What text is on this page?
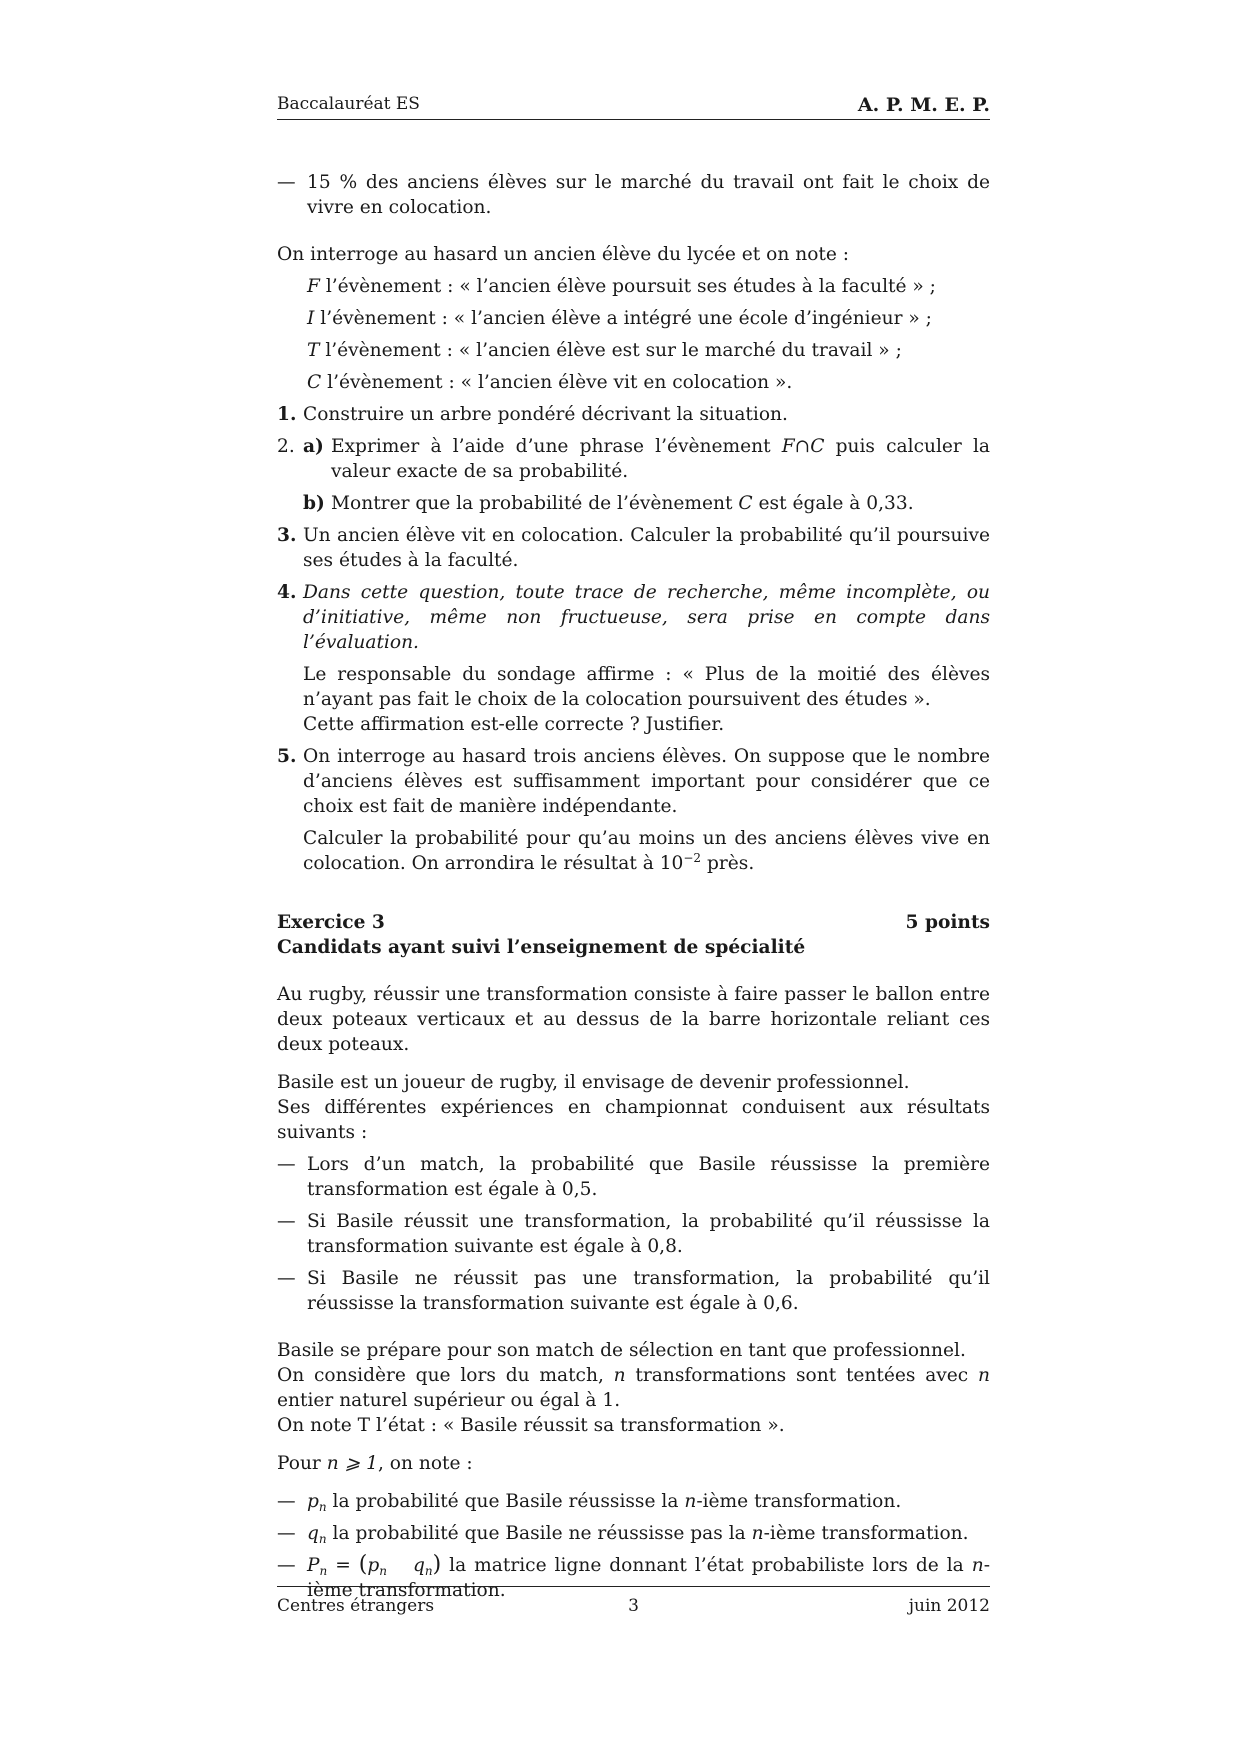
Baccalauréat ES	A. P. M. E. P.

— 15 % des anciens élèves sur le marché du travail ont fait le choix de vivre en colocation.

On interroge au hasard un ancien élève du lycée et on note :

F l’évènement : « l’ancien élève poursuit ses études à la faculté » ;

I l’évènement : « l’ancien élève a intégré une école d’ingénieur » ;

T l’évènement : « l’ancien élève est sur le marché du travail » ;

C l’évènement : « l’ancien élève vit en colocation ».

1. Construire un arbre pondéré décrivant la situation.

2. a) Exprimer à l’aide d’une phrase l’évènement F∩C puis calculer la valeur exacte de sa probabilité.

b) Montrer que la probabilité de l’évènement C est égale à 0,33.

3. Un ancien élève vit en colocation. Calculer la probabilité qu’il poursuive ses études à la faculté.

4. Dans cette question, toute trace de recherche, même incomplète, ou d’initiative, même non fructueuse, sera prise en compte dans l’évaluation.

Le responsable du sondage affirme : « Plus de la moitié des élèves n’ayant pas fait le choix de la colocation poursuivent des études ».

Cette affirmation est-elle correcte ? Justifier.

5. On interroge au hasard trois anciens élèves. On suppose que le nombre d’anciens élèves est suffisamment important pour considérer que ce choix est fait de manière indépendante.

Calculer la probabilité pour qu’au moins un des anciens élèves vive en colocation. On arrondira le résultat à $10^{-2}$ près.

Exercice 3	5 points

Candidats ayant suivi l’enseignement de spécialité

Au rugby, réussir une transformation consiste à faire passer le ballon entre deux poteaux verticaux et au dessus de la barre horizontale reliant ces deux poteaux.

Basile est un joueur de rugby, il envisage de devenir professionnel.

Ses différentes expériences en championnat conduisent aux résultats suivants :

— Lors d’un match, la probabilité que Basile réussisse la première transformation est égale à 0,5.

— Si Basile réussit une transformation, la probabilité qu’il réussisse la transformation suivante est égale à 0,8.

— Si Basile ne réussit pas une transformation, la probabilité qu’il réussisse la transformation suivante est égale à 0,6.

Basile se prépare pour son match de sélection en tant que professionnel.

On considère que lors du match, n transformations sont tentées avec n entier naturel supérieur ou égal à 1.

On note T l’état : « Basile réussit sa transformation ».

Pour n ⩾ 1, on note :

— $p_n$ la probabilité que Basile réussisse la n-ième transformation.

— $q_n$ la probabilité que Basile ne réussisse pas la n-ième transformation.

— $P_n = (p_n$ $q_n$) la matrice ligne donnant l’état probabiliste lors de la n-ième transformation.

Centres étrangers	3	juin 2012
